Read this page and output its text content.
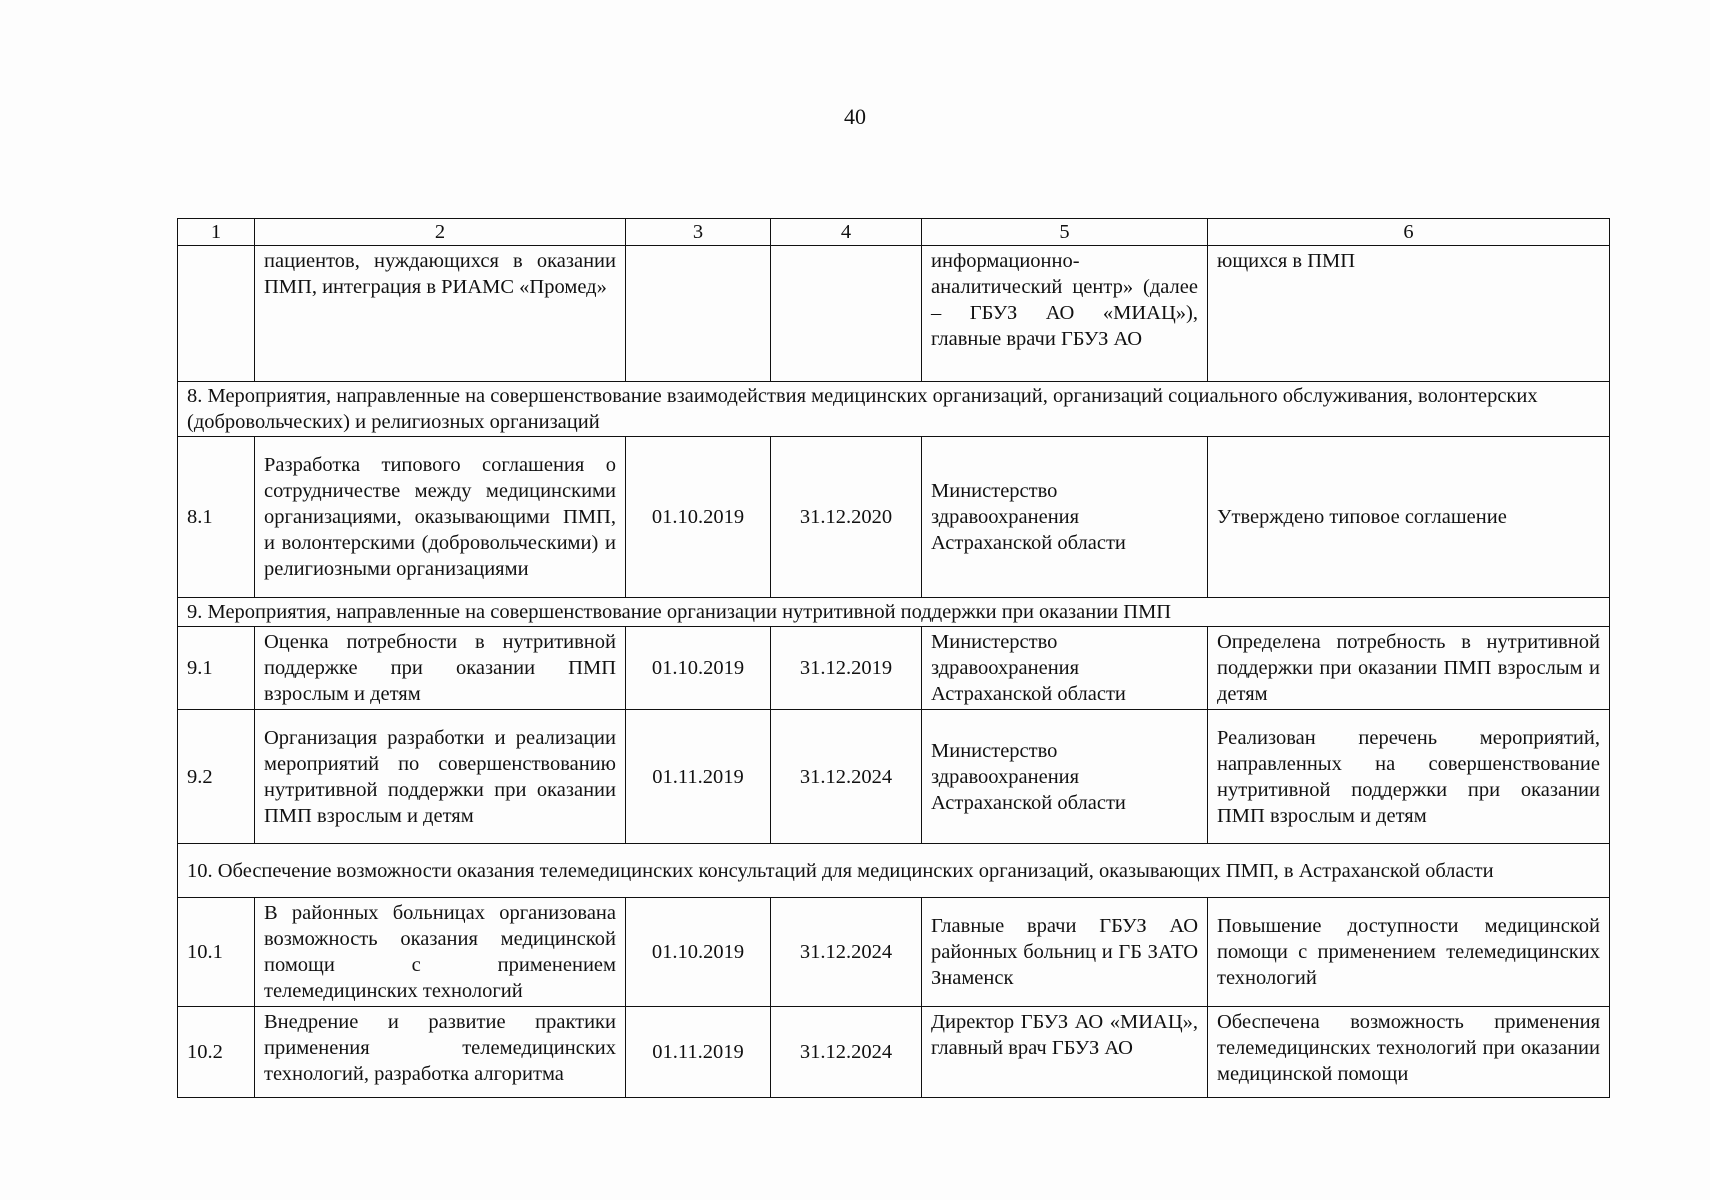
40
1	2	3	4	5	6
	пациентов, нуждающихся в оказании ПМП, интеграция в РИАМС «Промед»			информационно-аналитический центр» (далее – ГБУЗ АО «МИАЦ»), главные врачи ГБУЗ АО	ющихся в ПМП
8. Мероприятия, направленные на совершенствование взаимодействия медицинских организаций, организаций социального обслуживания, волонтерских (добровольческих) и религиозных организаций					
8.1	Разработка типового соглашения о сотрудничестве между медицинскими организациями, оказывающими ПМП, и волонтерскими (добровольческими) и религиозными организациями	01.10.2019	31.12.2020	Министерство здравоохранения Астраханской области	Утверждено типовое соглашение
9. Мероприятия, направленные на совершенствование организации нутритивной поддержки при оказании ПМП					
9.1	Оценка потребности в нутритивной поддержке при оказании ПМП взрослым и детям	01.10.2019	31.12.2019	Министерство здравоохранения Астраханской области	Определена потребность в нутритивной поддержки при оказании ПМП взрослым и детям
9.2	Организация разработки и реализации мероприятий по совершенствованию нутритивной поддержки при оказании ПМП взрослым и детям	01.11.2019	31.12.2024	Министерство здравоохранения Астраханской области	Реализован перечень мероприятий, направленных на совершенствование нутритивной поддержки при оказании ПМП взрослым и детям
10. Обеспечение возможности оказания телемедицинских консультаций для медицинских организаций, оказывающих ПМП, в Астраханской области					
10.1	В районных больницах организована возможность оказания медицинской помощи с применением телемедицинских технологий	01.10.2019	31.12.2024	Главные врачи ГБУЗ АО районных больниц и ГБ ЗАТО Знаменск	Повышение доступности медицинской помощи с применением телемедицинских технологий
10.2	Внедрение и развитие практики применения телемедицинских технологий, разработка алгоритма	01.11.2019	31.12.2024	Директор ГБУЗ АО «МИАЦ», главный врач ГБУЗ АО	Обеспечена возможность применения телемедицинских технологий при оказании медицинской помощи
